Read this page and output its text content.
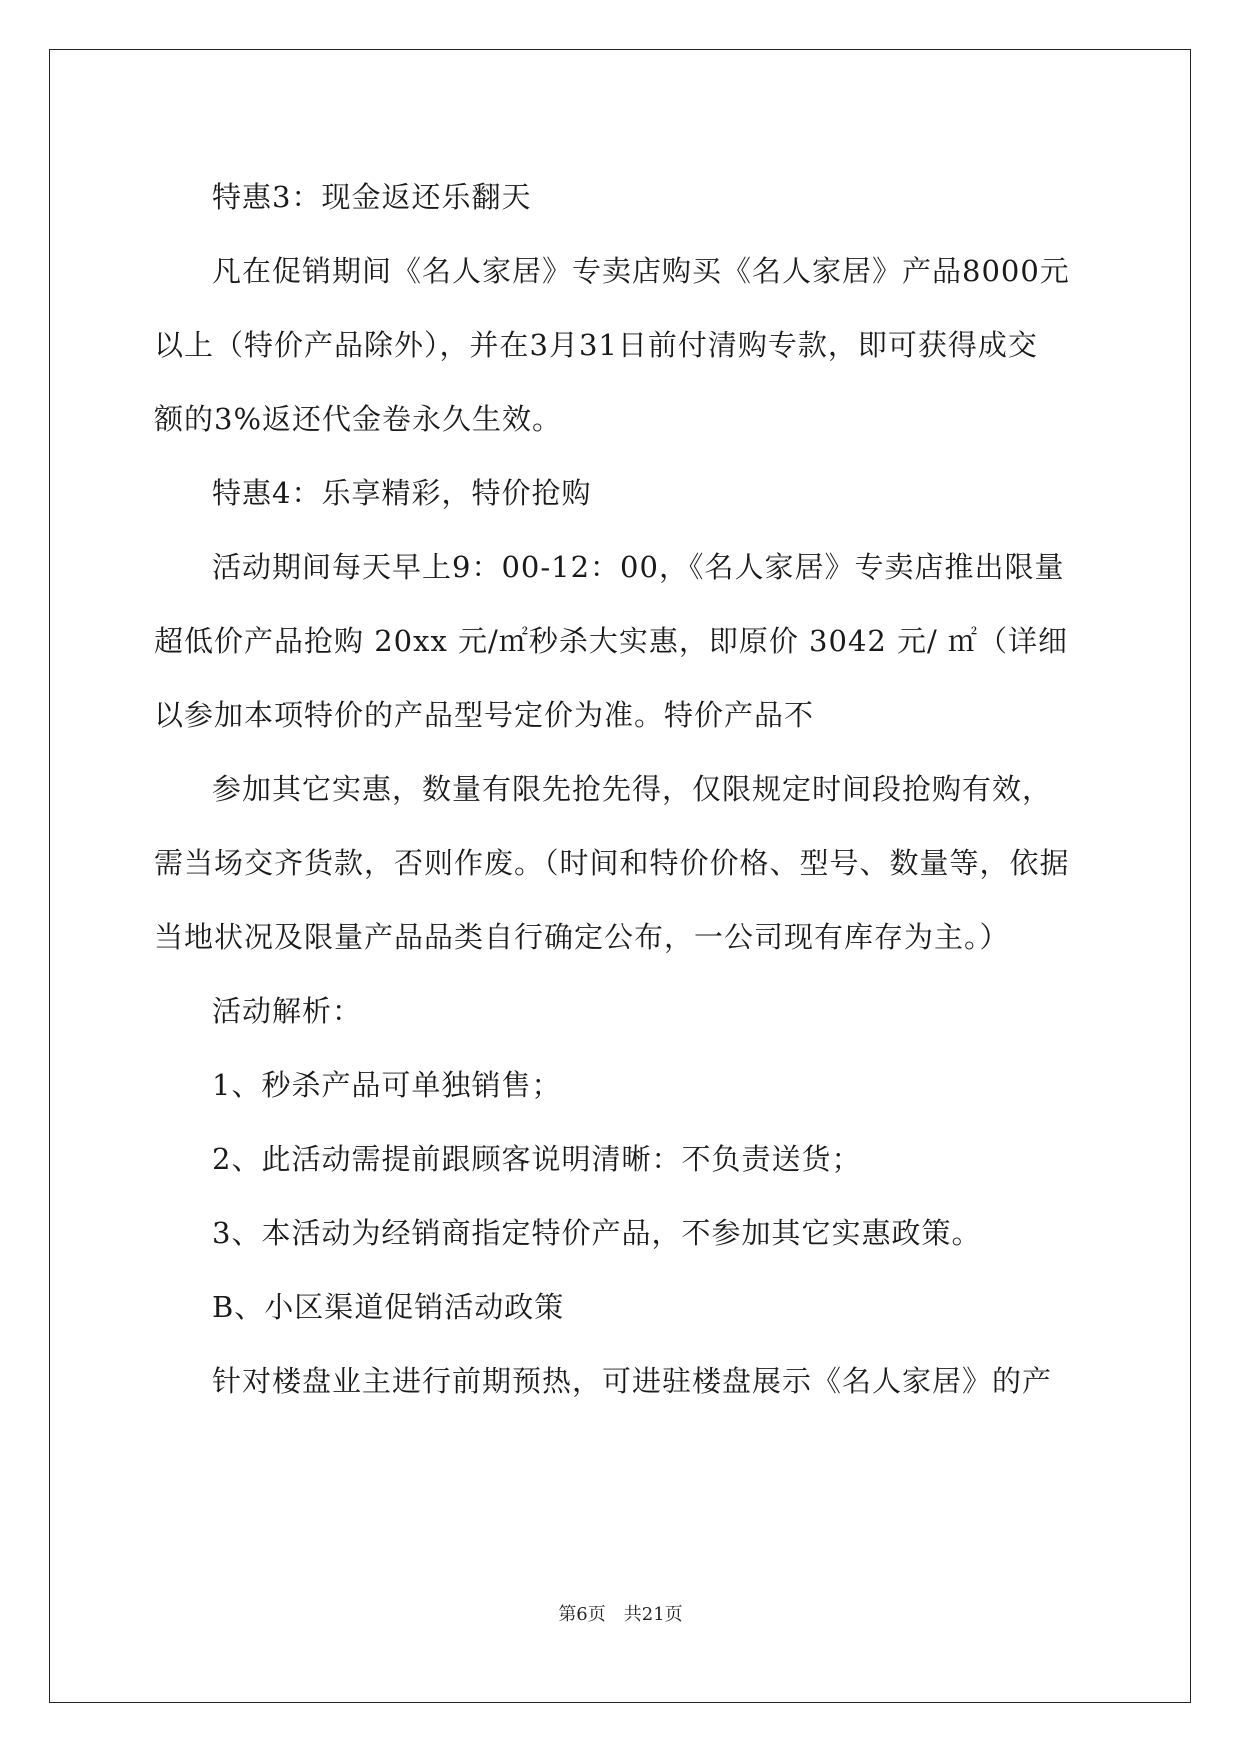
特惠3：现金返还乐翻天

凡在促销期间《名人家居》专卖店购买《名人家居》产品8000元

以上（特价产品除外），并在3月31日前付清购专款，即可获得成交

额的3%返还代金卷永久生效。

特惠4：乐享精彩，特价抢购

活动期间每天早上9：00-12：00，《名人家居》专卖店推出限量

超低价产品抢购 20xx 元/㎡秒杀大实惠，即原价 3042 元/ ㎡（详细

以参加本项特价的产品型号定价为准。特价产品不

参加其它实惠，数量有限先抢先得，仅限规定时间段抢购有效，

需当场交齐货款，否则作废。（时间和特价价格、型号、数量等，依据

当地状况及限量产品品类自行确定公布，一公司现有库存为主。）

活动解析：

1、秒杀产品可单独销售；

2、此活动需提前跟顾客说明清晰：不负责送货；

3、本活动为经销商指定特价产品，不参加其它实惠政策。

B、小区渠道促销活动政策

针对楼盘业主进行前期预热，可进驻楼盘展示《名人家居》的产

第6页 共21页
